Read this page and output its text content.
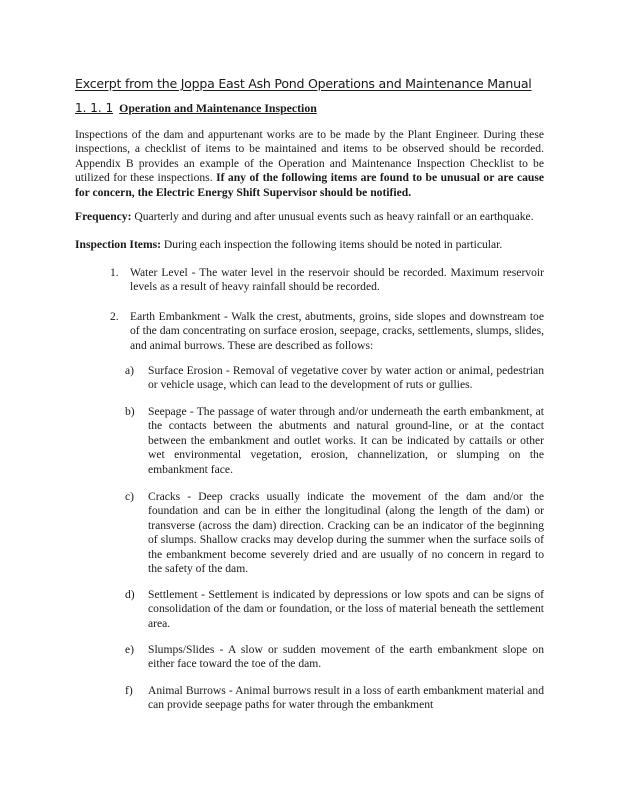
Excerpt from the Joppa East Ash Pond Operations and Maintenance Manual
1. 1. 1 Operation and Maintenance Inspection

Inspections of the dam and appurtenant works are to be made by the Plant Engineer. During these inspections, a checklist of items to be maintained and items to be observed should be recorded. Appendix B provides an example of the Operation and Maintenance Inspection Checklist to be utilized for these inspections. If any of the following items are found to be unusual or are cause for concern, the Electric Energy Shift Supervisor should be notified.

Frequency: Quarterly and during and after unusual events such as heavy rainfall or an earthquake.

Inspection Items: During each inspection the following items should be noted in particular.

1. Water Level - The water level in the reservoir should be recorded. Maximum reservoir levels as a result of heavy rainfall should be recorded.

2. Earth Embankment - Walk the crest, abutments, groins, side slopes and downstream toe of the dam concentrating on surface erosion, seepage, cracks, settlements, slumps, slides, and animal burrows. These are described as follows:

a) Surface Erosion - Removal of vegetative cover by water action or animal, pedestrian or vehicle usage, which can lead to the development of ruts or gullies.

b) Seepage - The passage of water through and/or underneath the earth embankment, at the contacts between the abutments and natural ground-line, or at the contact between the embankment and outlet works. It can be indicated by cattails or other wet environmental vegetation, erosion, channelization, or slumping on the embankment face.

c) Cracks - Deep cracks usually indicate the movement of the dam and/or the foundation and can be in either the longitudinal (along the length of the dam) or transverse (across the dam) direction. Cracking can be an indicator of the beginning of slumps. Shallow cracks may develop during the summer when the surface soils of the embankment become severely dried and are usually of no concern in regard to the safety of the dam.

d) Settlement - Settlement is indicated by depressions or low spots and can be signs of consolidation of the dam or foundation, or the loss of material beneath the settlement area.

e) Slumps/Slides - A slow or sudden movement of the earth embankment slope on either face toward the toe of the dam.

f) Animal Burrows - Animal burrows result in a loss of earth embankment material and can provide seepage paths for water through the embankment
